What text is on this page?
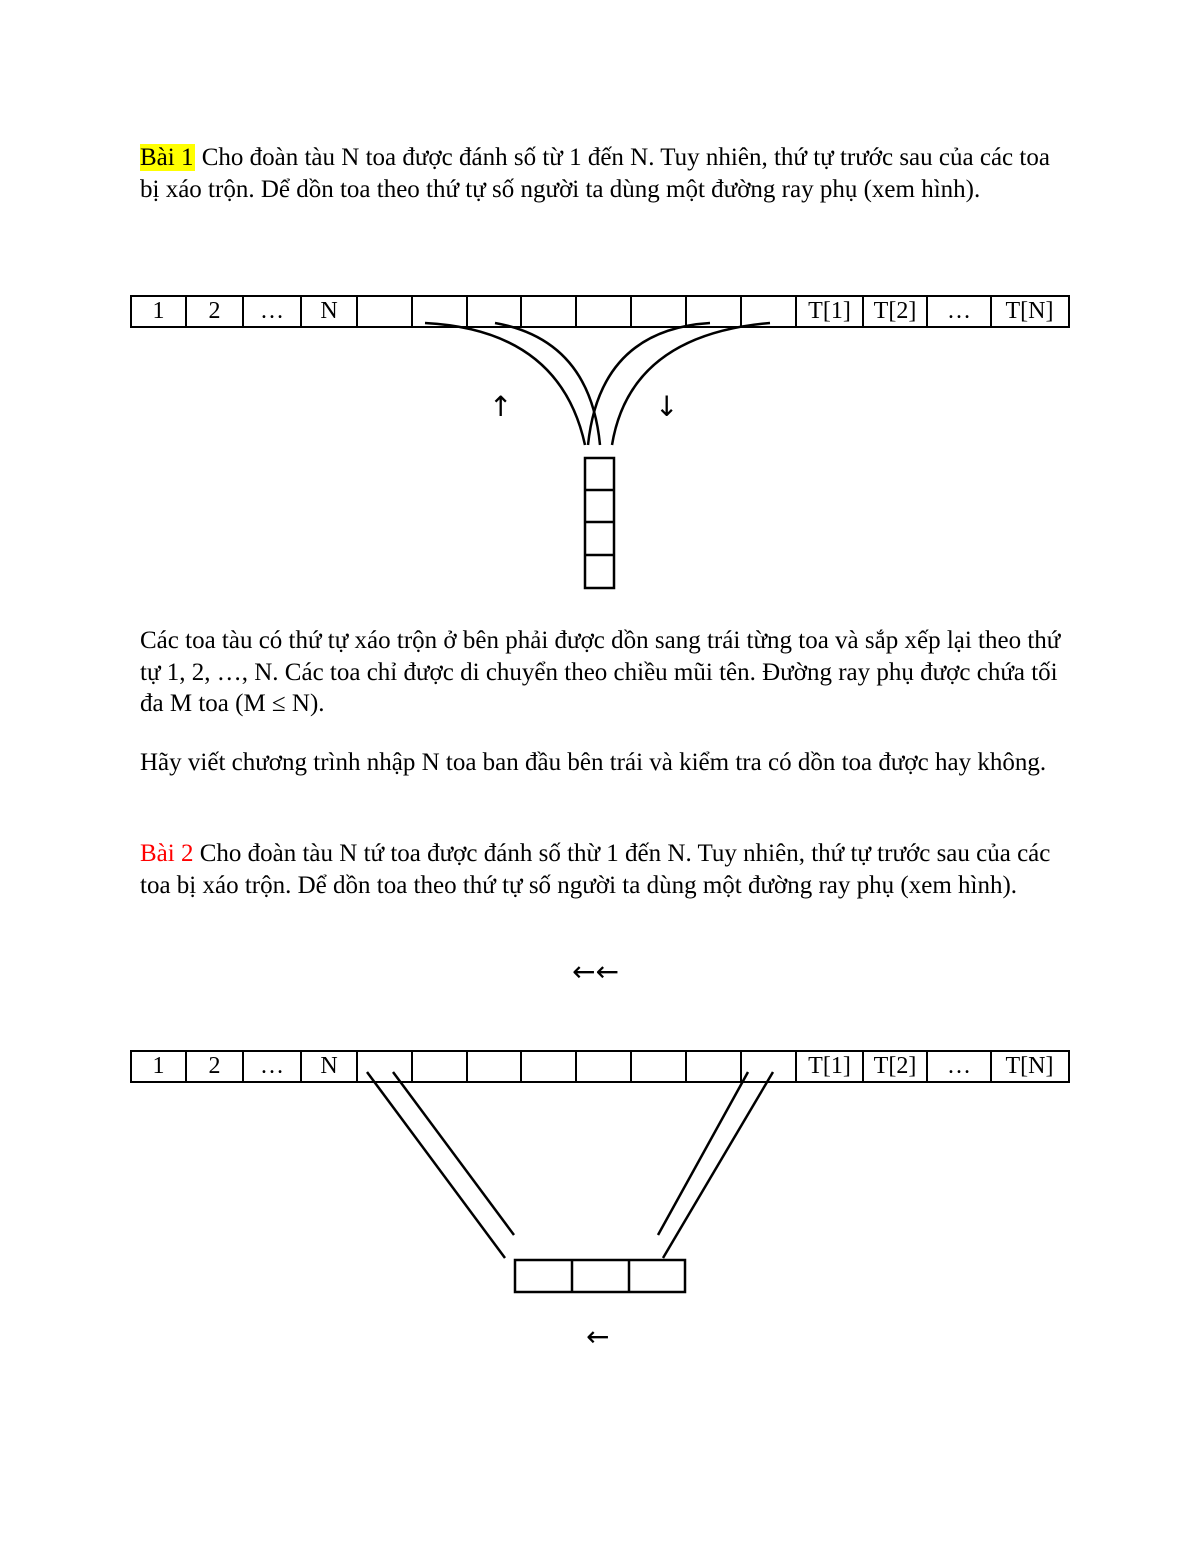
Bài 1 Cho đoàn tàu N toa được đánh số từ 1 đến N. Tuy nhiên, thứ tự trước sau của các toa bị xáo trộn. Dể dồn toa theo thứ tự số người ta dùng một đường ray phụ (xem hình).

1	2	…	N	T[1] T[2]	…	T[N]
↑	↓

Các toa tàu có thứ tự xáo trộn ở bên phải được dồn sang trái từng toa và sắp xếp lại theo thứ tự 1, 2, …, N. Các toa chỉ được di chuyển theo chiều mũi tên. Đường ray phụ được chứa tối đa M toa (M ≤ N).

Hãy viết chương trình nhập N toa ban đầu bên trái và kiểm tra có dồn toa được hay không.

Bài 2 Cho đoàn tàu N tứ toa được đánh số thừ 1 đến N. Tuy nhiên, thứ tự trước sau của các toa bị xáo trộn. Dể dồn toa theo thứ tự số người ta dùng một đường ray phụ (xem hình).

←←
1	2	…	N	T[1] T[2]	…	T[N]
←
